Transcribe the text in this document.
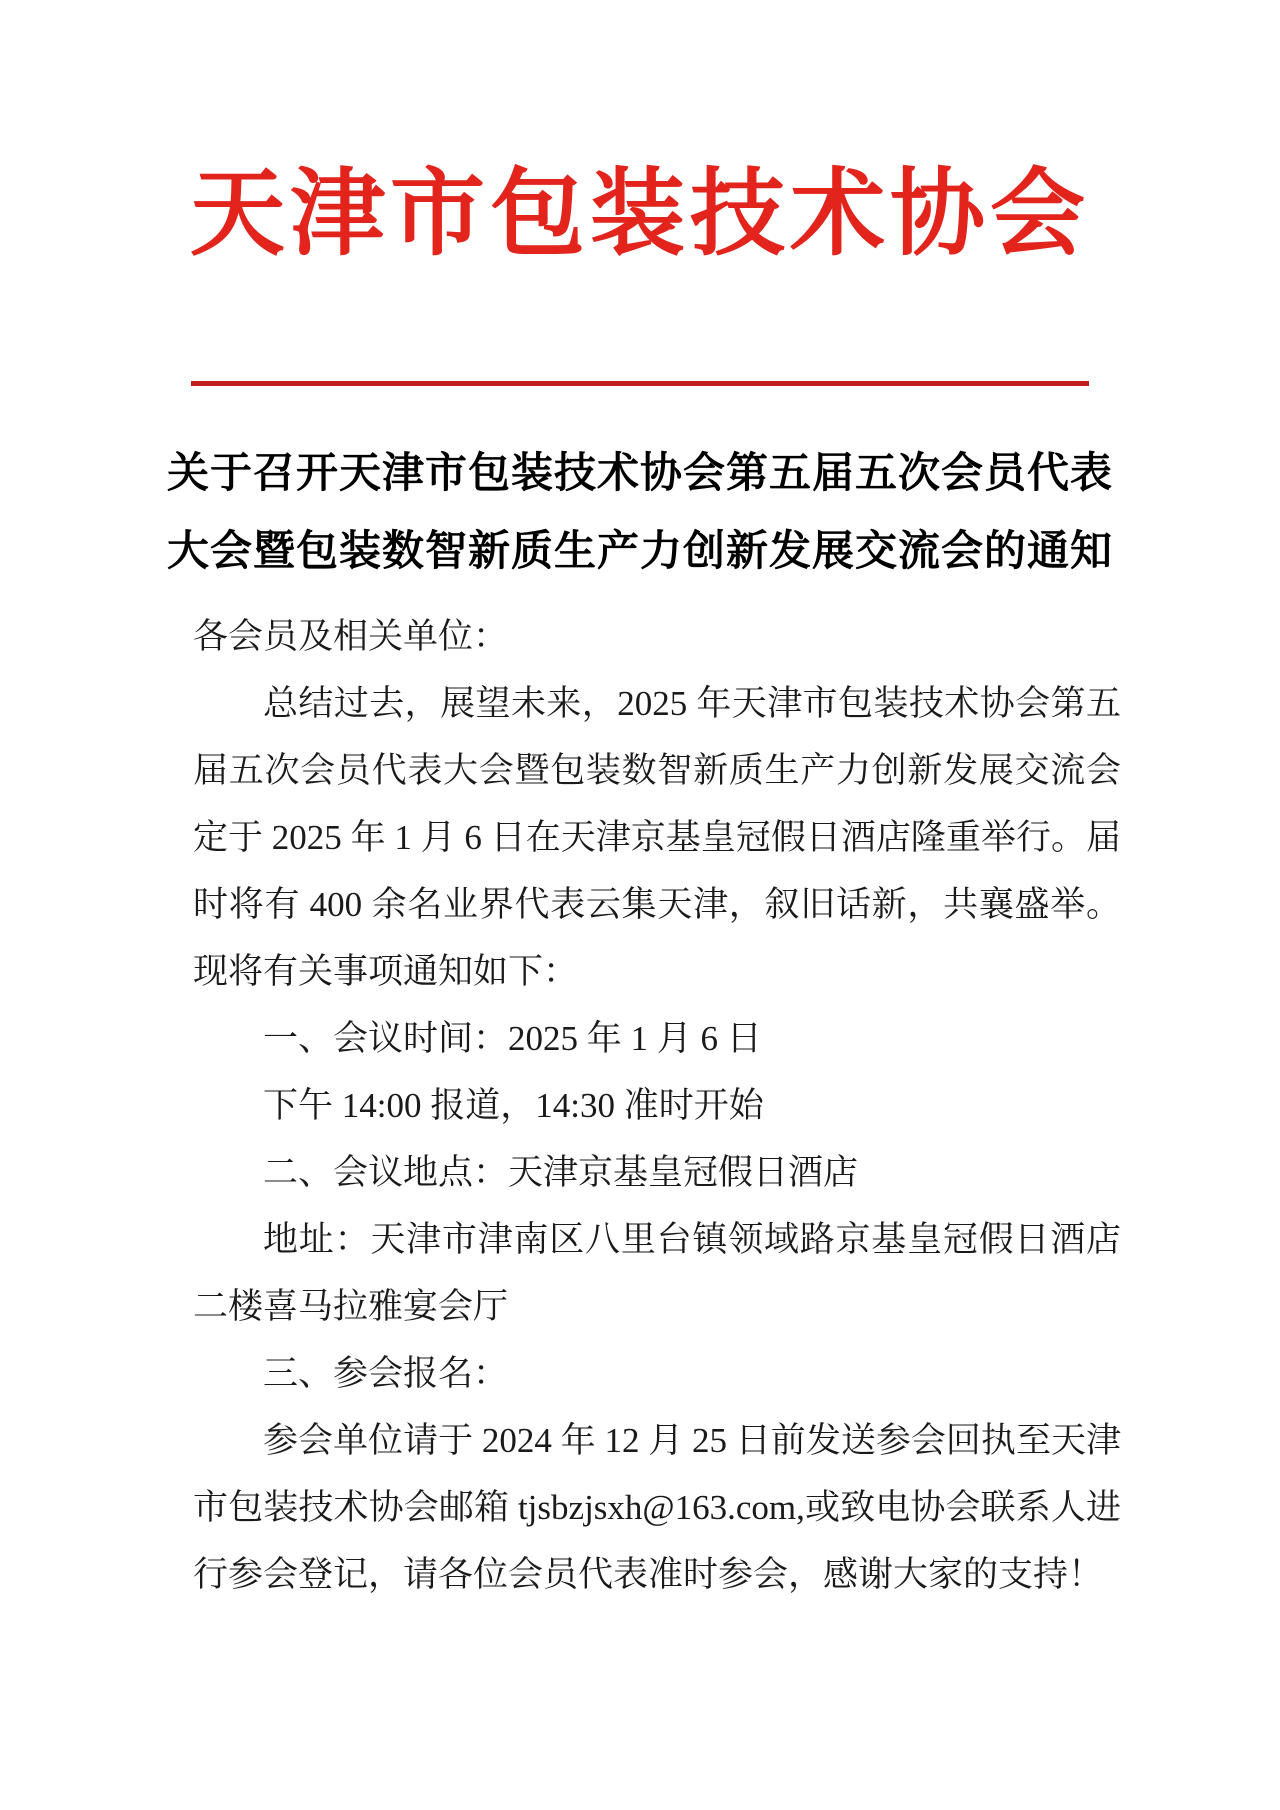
天津市包装技术协会
关于召开天津市包装技术协会第五届五次会员代表大会暨包装数智新质生产力创新发展交流会的通知

各会员及相关单位：

总结过去，展望未来，2025 年天津市包装技术协会第五届五次会员代表大会暨包装数智新质生产力创新发展交流会定于 2025 年 1 月 6 日在天津京基皇冠假日酒店隆重举行。届时将有 400 余名业界代表云集天津，叙旧话新，共襄盛举。现将有关事项通知如下：

一、会议时间：2025 年 1 月 6 日

下午 14:00 报道，14:30 准时开始

二、会议地点：天津京基皇冠假日酒店

地址：天津市津南区八里台镇领域路京基皇冠假日酒店二楼喜马拉雅宴会厅

三、参会报名：

参会单位请于 2024 年 12 月 25 日前发送参会回执至天津市包装技术协会邮箱 tjsbzjsxh@163.com,或致电协会联系人进行参会登记，请各位会员代表准时参会，感谢大家的支持！
